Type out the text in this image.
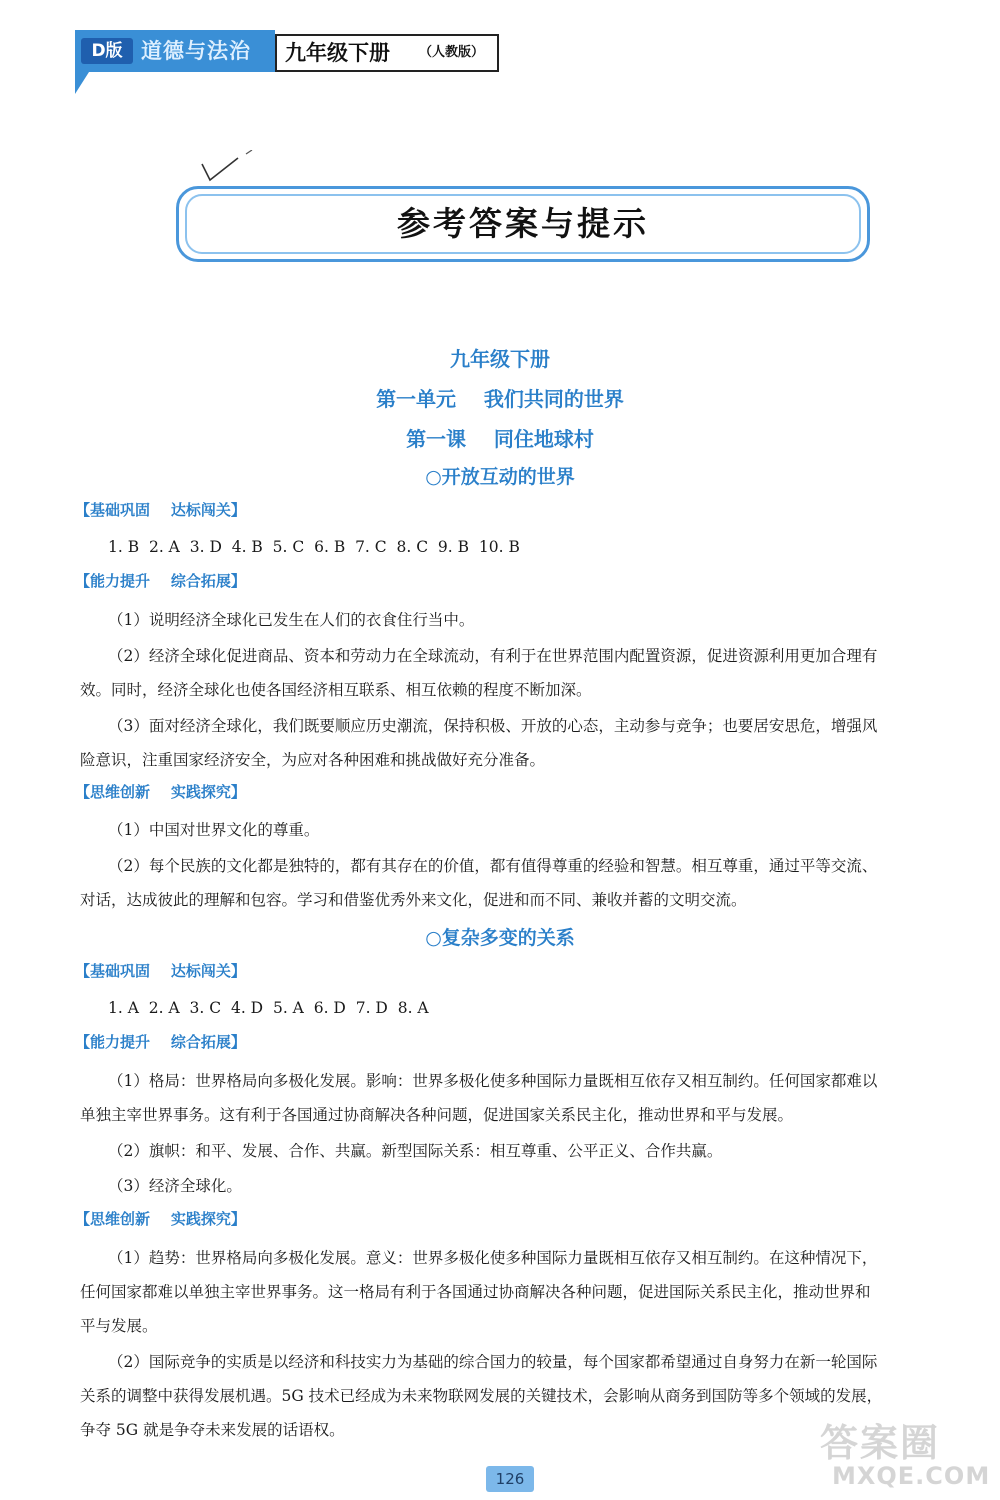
D版 道德与法治 九年级下册 （人教版）
参考答案与提示
九年级下册
第一单元    我们共同的世界
第一课    同住地球村
○开放互动的世界
【基础巩固    达标闯关】
1. B  2. A  3. D  4. B  5. C  6. B  7. C  8. C  9. B  10. B
【能力提升    综合拓展】
（1）说明经济全球化已发生在人们的衣食住行当中。
（2）经济全球化促进商品、资本和劳动力在全球流动，有利于在世界范围内配置资源，促进资源利用更加合理有
效。同时，经济全球化也使各国经济相互联系、相互依赖的程度不断加深。
（3）面对经济全球化，我们既要顺应历史潮流，保持积极、开放的心态，主动参与竞争；也要居安思危，增强风
险意识，注重国家经济安全，为应对各种困难和挑战做好充分准备。
【思维创新    实践探究】
（1）中国对世界文化的尊重。
（2）每个民族的文化都是独特的，都有其存在的价值，都有值得尊重的经验和智慧。相互尊重，通过平等交流、
对话，达成彼此的理解和包容。学习和借鉴优秀外来文化，促进和而不同、兼收并蓄的文明交流。
○复杂多变的关系
【基础巩固    达标闯关】
1. A  2. A  3. C  4. D  5. A  6. D  7. D  8. A
【能力提升    综合拓展】
（1）格局：世界格局向多极化发展。影响：世界多极化使多种国际力量既相互依存又相互制约。任何国家都难以
单独主宰世界事务。这有利于各国通过协商解决各种问题，促进国家关系民主化，推动世界和平与发展。
（2）旗帜：和平、发展、合作、共赢。新型国际关系：相互尊重、公平正义、合作共赢。
（3）经济全球化。
【思维创新    实践探究】
（1）趋势：世界格局向多极化发展。意义：世界多极化使多种国际力量既相互依存又相互制约。在这种情况下，
任何国家都难以单独主宰世界事务。这一格局有利于各国通过协商解决各种问题，促进国际关系民主化，推动世界和
平与发展。
（2）国际竞争的实质是以经济和科技实力为基础的综合国力的较量，每个国家都希望通过自身努力在新一轮国际
关系的调整中获得发展机遇。5G 技术已经成为未来物联网发展的关键技术，会影响从商务到国防等多个领域的发展，
争夺 5G 就是争夺未来发展的话语权。
126
答案圈
MXQE.COM
